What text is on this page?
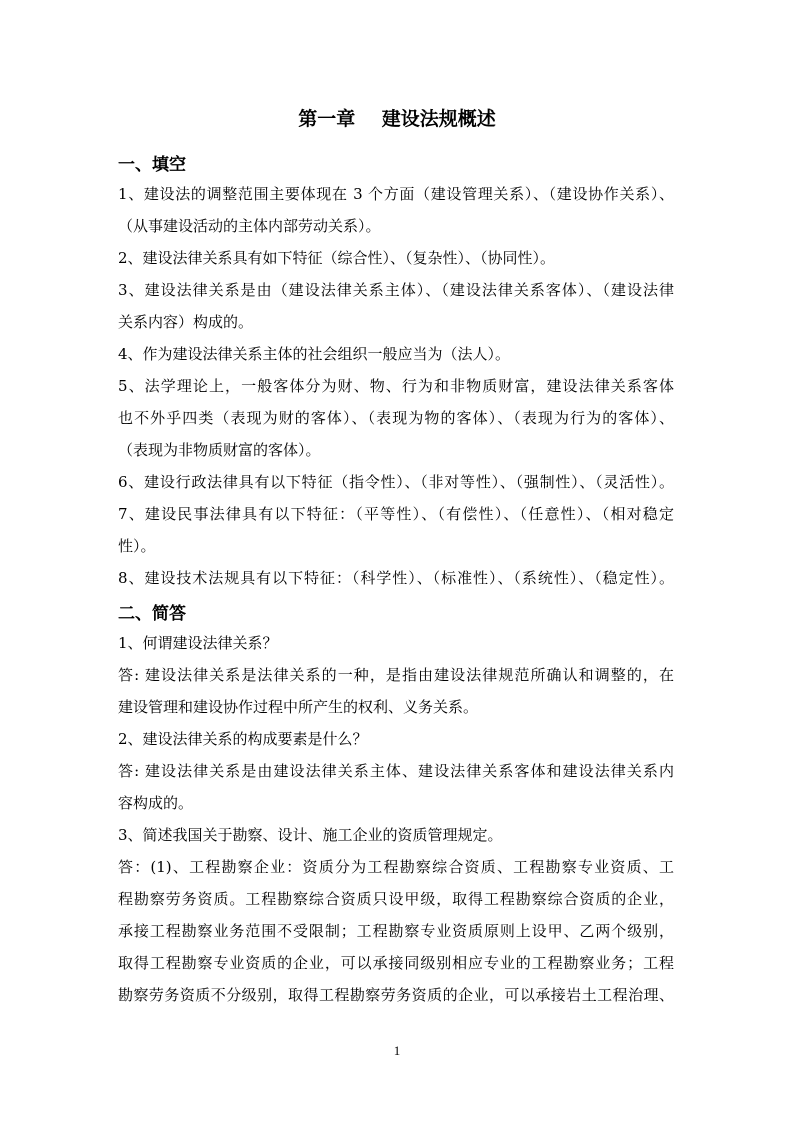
第一章    建设法规概述
一、填空
1、建设法的调整范围主要体现在 3 个方面（建设管理关系）、（建设协作关系）、
（从事建设活动的主体内部劳动关系）。
2、建设法律关系具有如下特征（综合性）、（复杂性）、（协同性）。
3、建设法律关系是由（建设法律关系主体）、（建设法律关系客体）、（建设法律
关系内容）构成的。
4、作为建设法律关系主体的社会组织一般应当为（法人）。
5、法学理论上，一般客体分为财、物、行为和非物质财富，建设法律关系客体
也不外乎四类（表现为财的客体）、（表现为物的客体）、（表现为行为的客体）、
（表现为非物质财富的客体）。
6、建设行政法律具有以下特征（指令性）、（非对等性）、（强制性）、（灵活性）。
7、建设民事法律具有以下特征：（平等性）、（有偿性）、（任意性）、（相对稳定
性）。
8、建设技术法规具有以下特征：（科学性）、（标准性）、（系统性）、（稳定性）。
二、简答
1、何谓建设法律关系？
答: 建设法律关系是法律关系的一种，是指由建设法律规范所确认和调整的，在
建设管理和建设协作过程中所产生的权利、义务关系。
2、建设法律关系的构成要素是什么？
答: 建设法律关系是由建设法律关系主体、建设法律关系客体和建设法律关系内
容构成的。
3、简述我国关于勘察、设计、施工企业的资质管理规定。
答：(1)、工程勘察企业：资质分为工程勘察综合资质、工程勘察专业资质、工
程勘察劳务资质。工程勘察综合资质只设甲级，取得工程勘察综合资质的企业，
承接工程勘察业务范围不受限制；工程勘察专业资质原则上设甲、乙两个级别，
取得工程勘察专业资质的企业，可以承接同级别相应专业的工程勘察业务；工程
勘察劳务资质不分级别，取得工程勘察劳务资质的企业，可以承接岩土工程治理、
1
